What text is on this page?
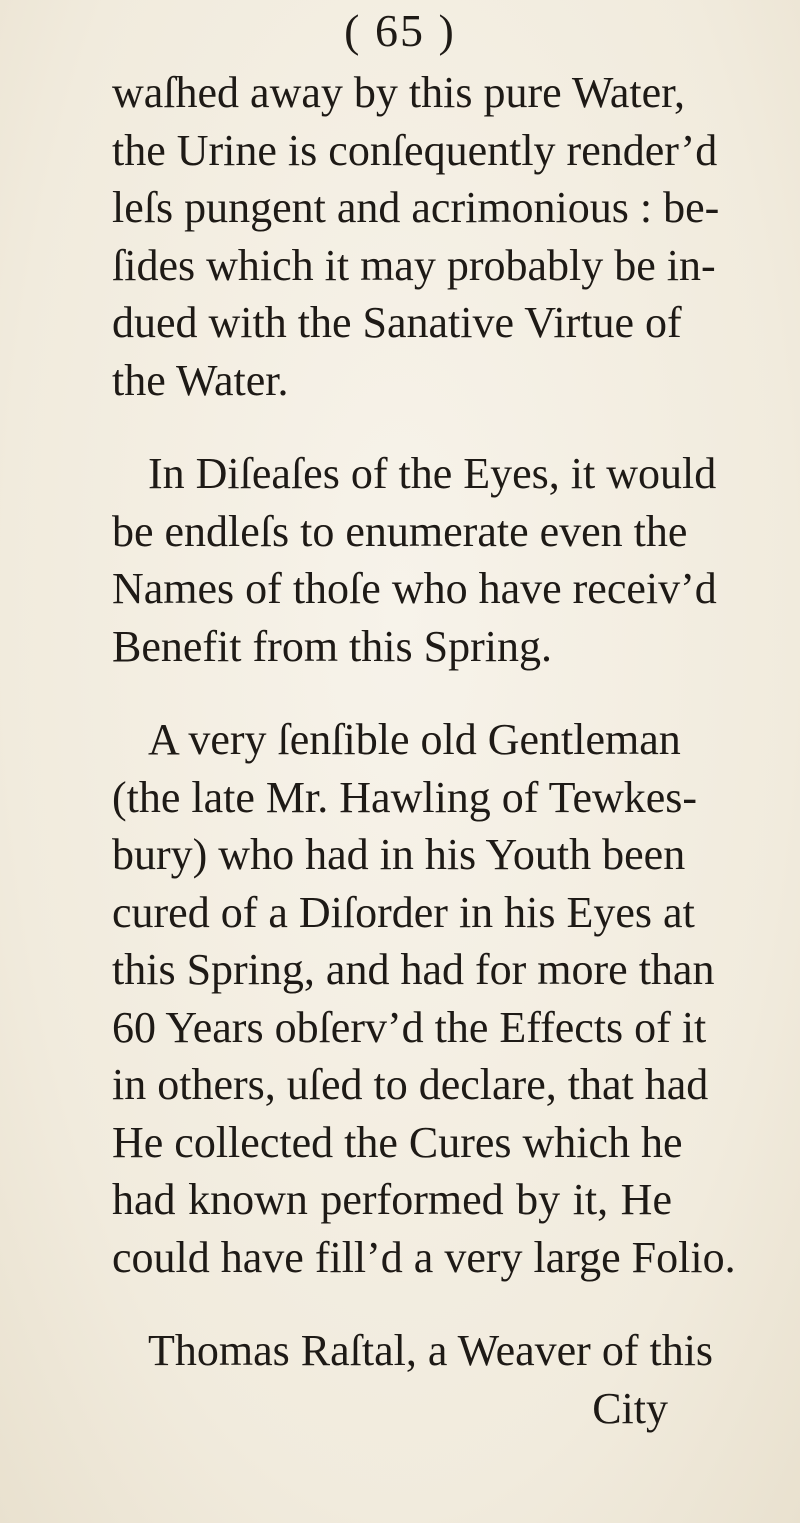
( 65 )
waſhed away by this pure Water,
the Urine is conſequently render’d
leſs pungent and acrimonious : be-
ſides which it may probably be in-
dued with the Sanative Virtue of
the Water.
In Diſeaſes of the Eyes, it would
be endleſs to enumerate even the
Names of thoſe who have receiv’d
Benefit from this Spring.
A very ſenſible old Gentleman
(the late Mr. Hawling of Tewkes-
bury) who had in his Youth been
cured of a Diſorder in his Eyes at
this Spring, and had for more than
60 Years obſerv’d the Effects of it
in others, uſed to declare, that had
He collected the Cures which he
had known performed by it, He
could have fill’d a very large Folio.
Thomas Raſtal, a Weaver of this
City
